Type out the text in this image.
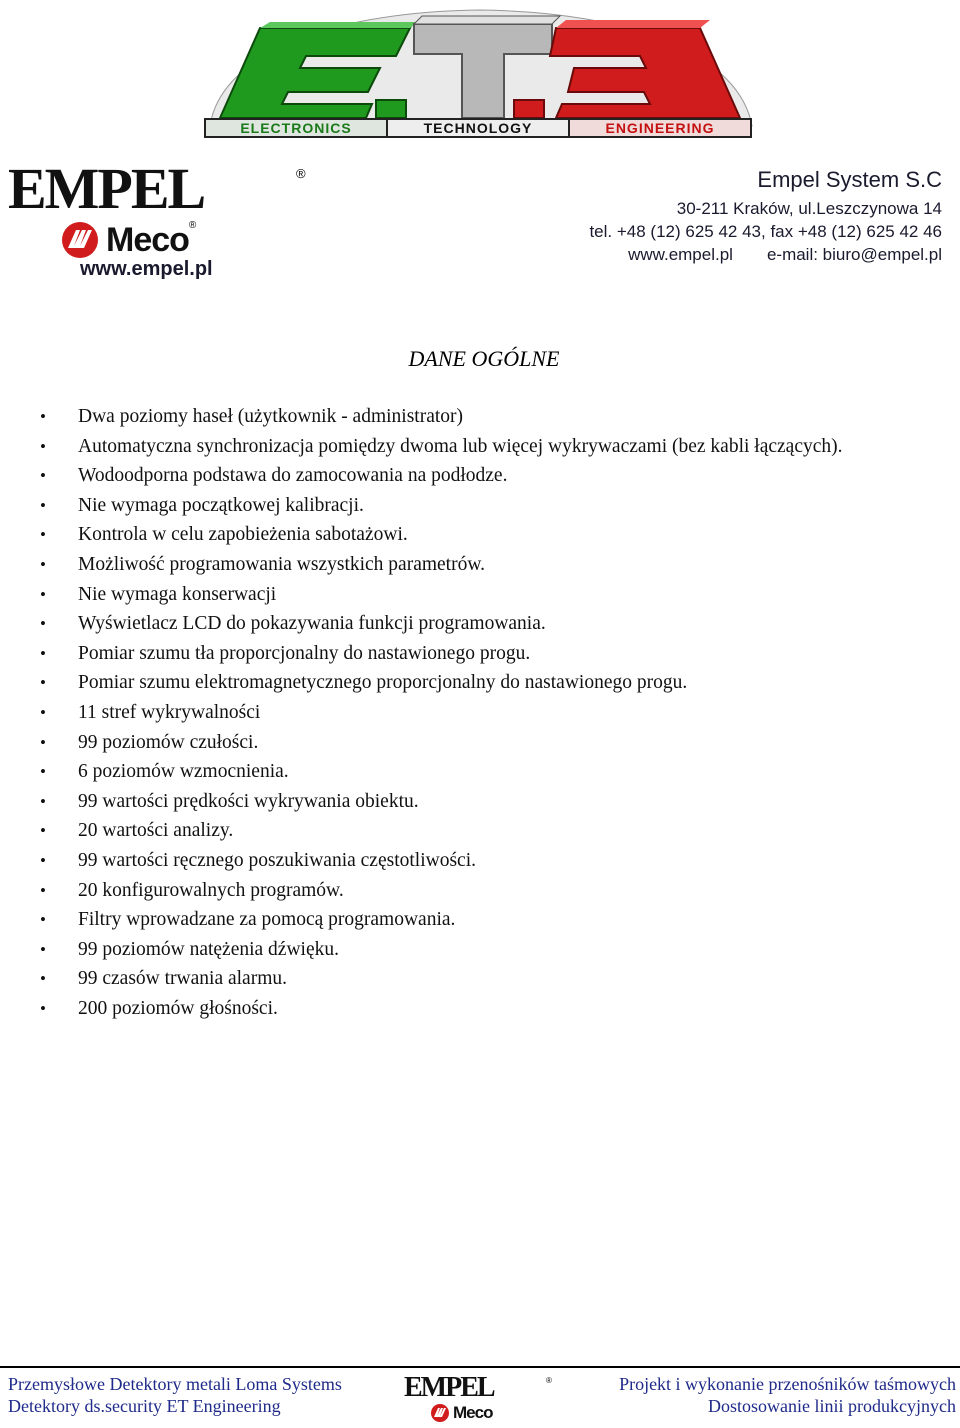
ELECTRONICS	TECHNOLOGY	ENGINEERING
EMPEL	®
Meco ®
www.empel.pl
Empel System S.C
30-211 Kraków, ul.Leszczynowa 14
tel. +48 (12) 625 42 43, fax +48 (12) 625 42 46
www.empel.pl e-mail: biuro@empel.pl
DANE OGÓLNE
• Dwa poziomy haseł (użytkownik - administrator)
• Automatyczna synchronizacja pomiędzy dwoma lub więcej wykrywaczami (bez kabli łączących).
• Wodoodporna podstawa do zamocowania na podłodze.
• Nie wymaga początkowej kalibracji.
• Kontrola w celu zapobieżenia sabotażowi.
• Możliwość programowania wszystkich parametrów.
• Nie wymaga konserwacji
• Wyświetlacz LCD do pokazywania funkcji programowania.
• Pomiar szumu tła proporcjonalny do nastawionego progu.
• Pomiar szumu elektromagnetycznego proporcjonalny do nastawionego progu.
• 11 stref wykrywalności
• 99 poziomów czułości.
• 6 poziomów wzmocnienia.
• 99 wartości prędkości wykrywania obiektu.
• 20 wartości analizy.
• 99 wartości ręcznego poszukiwania częstotliwości.
• 20 konfigurowalnych programów.
• Filtry wprowadzane za pomocą programowania.
• 99 poziomów natężenia dźwięku.
• 99 czasów trwania alarmu.
• 200 poziomów głośności.
Przemysłowe Detektory metali Loma Systems
Detektory ds.security ET Engineering
Projekt i wykonanie przenośników taśmowych
Dostosowanie linii produkcyjnych
EMPEL	®
Meco
